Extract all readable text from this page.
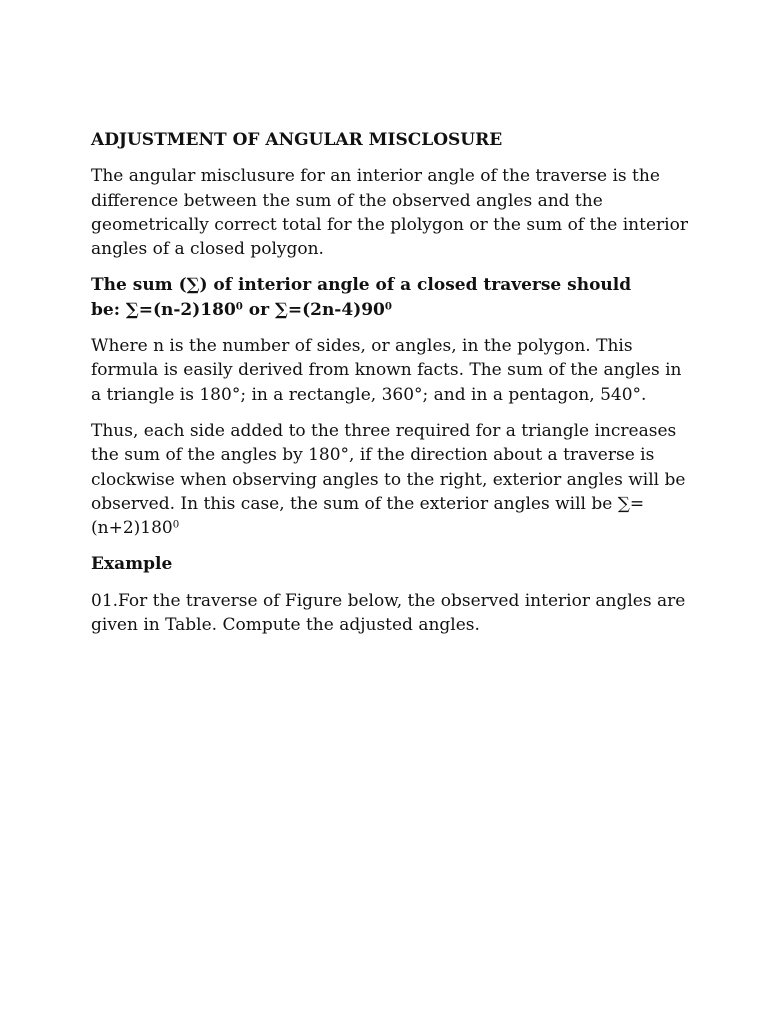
ADJUSTMENT OF ANGULAR MISCLOSURE

The angular misclusure for an interior angle of the traverse is the difference between the sum of the observed angles and the geometrically correct total for the plolygon or the sum of the interior angles of a closed polygon.

The sum (∑) of interior angle of a closed traverse should
be: $\sum=(n-2)180^0$ or $\sum=(2n-4)90^0$

Where n is the number of sides, or angles, in the polygon. This formula is easily derived from known facts. The sum of the angles in a triangle is 180°; in a rectangle, 360°; and in a pentagon, 540°.

Thus, each side added to the three required for a triangle increases the sum of the angles by 180°, if the direction about a traverse is clockwise when observing angles to the right, exterior angles will be observed. In this case, the sum of the exterior angles will be ∑= $(n+2)180^0$

Example

01.For the traverse of Figure below, the observed interior angles are given in Table. Compute the adjusted angles.
